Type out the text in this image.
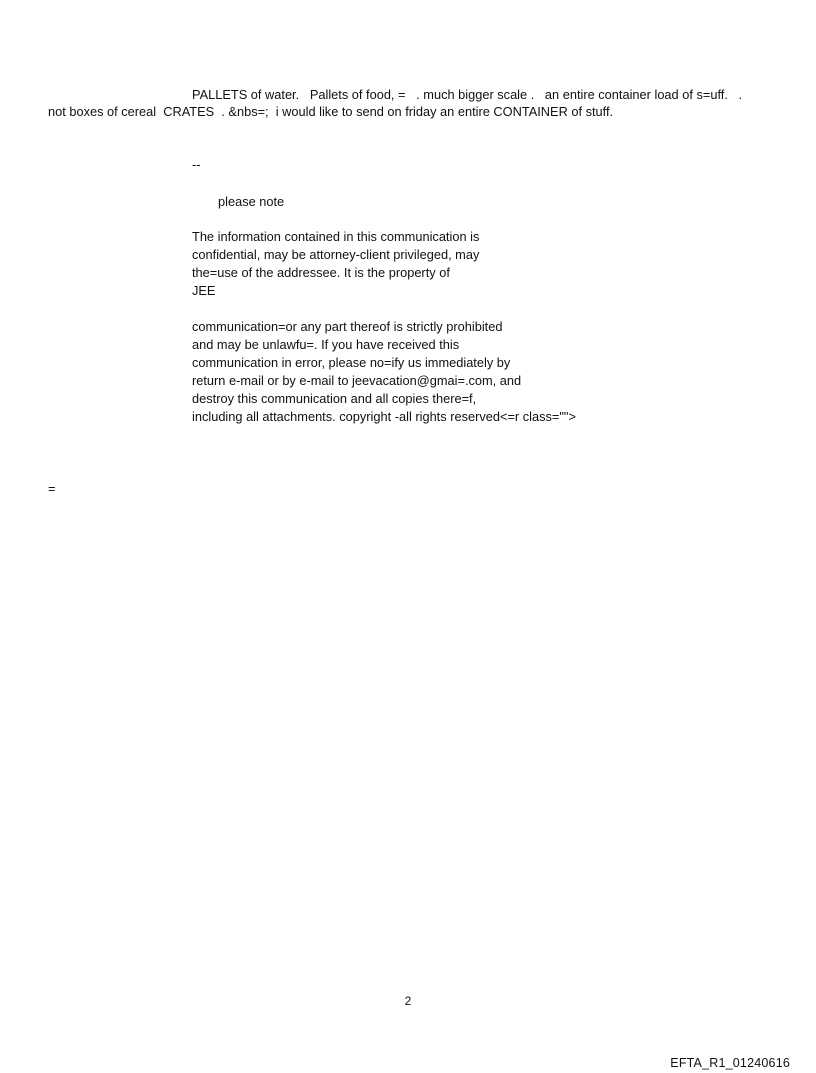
PALLETS of water.   Pallets of food, =   . much bigger scale .   an entire container load of s=uff.   .

not boxes of cereal  CRATES  . &nbs=;  i would like to send on friday an entire CONTAINER of stuff.

--

please note

The information contained in this communication is
confidential, may be attorney-client privileged, may
the=use of the addressee. It is the property of
JEE
communication=or any part thereof is strictly prohibited
and may be unlawfu=. If you have received this
communication in error, please no=ify us immediately by
return e-mail or by e-mail to jeevacation@gmai=.com, and
destroy this communication and all copies there=f,
including all attachments. copyright -all rights reserved<=r class="">

=

2
EFTA_R1_01240616
